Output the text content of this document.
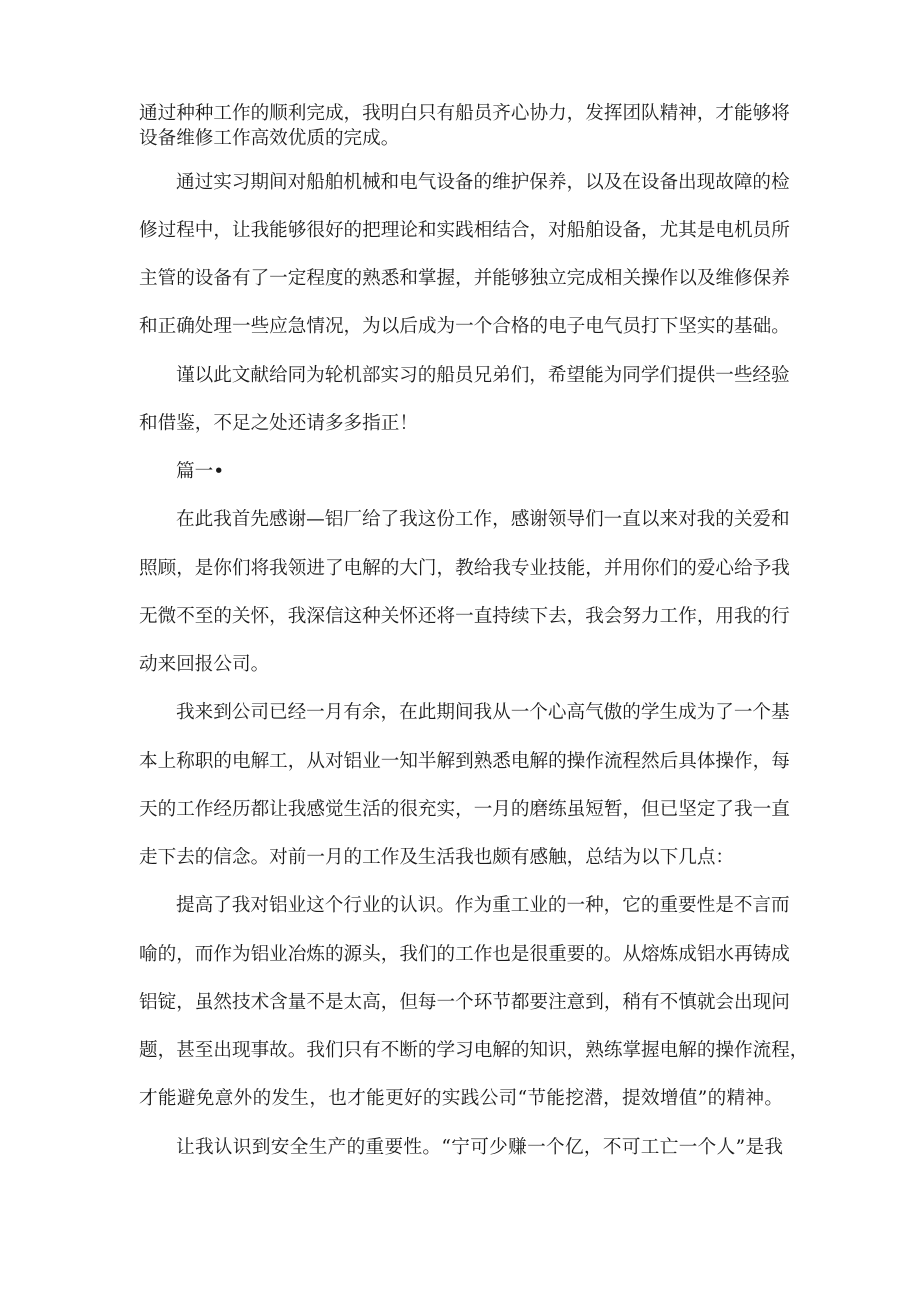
通过种种工作的顺利完成，我明白只有船员齐心协力，发挥团队精神，才能够将
设备维修工作高效优质的完成。
通过实习期间对船舶机械和电气设备的维护保养，以及在设备出现故障的检
修过程中，让我能够很好的把理论和实践相结合，对船舶设备，尤其是电机员所
主管的设备有了一定程度的熟悉和掌握，并能够独立完成相关操作以及维修保养
和正确处理一些应急情况，为以后成为一个合格的电子电气员打下坚实的基础。
谨以此文献给同为轮机部实习的船员兄弟们，希望能为同学们提供一些经验
和借鉴，不足之处还请多多指正！
篇一•
在此我首先感谢—铝厂给了我这份工作，感谢领导们一直以来对我的关爱和
照顾，是你们将我领进了电解的大门，教给我专业技能，并用你们的爱心给予我
无微不至的关怀，我深信这种关怀还将一直持续下去，我会努力工作，用我的行
动来回报公司。
我来到公司已经一月有余，在此期间我从一个心高气傲的学生成为了一个基
本上称职的电解工，从对铝业一知半解到熟悉电解的操作流程然后具体操作，每
天的工作经历都让我感觉生活的很充实，一月的磨练虽短暂，但已坚定了我一直
走下去的信念。对前一月的工作及生活我也颇有感触，总结为以下几点：
提高了我对铝业这个行业的认识。作为重工业的一种，它的重要性是不言而
喻的，而作为铝业冶炼的源头，我们的工作也是很重要的。从熔炼成铝水再铸成
铝锭，虽然技术含量不是太高，但每一个环节都要注意到，稍有不慎就会出现问
题，甚至出现事故。我们只有不断的学习电解的知识，熟练掌握电解的操作流程，
才能避免意外的发生，也才能更好的实践公司“节能挖潜，提效增值”的精神。
让我认识到安全生产的重要性。“宁可少赚一个亿，不可工亡一个人”是我
